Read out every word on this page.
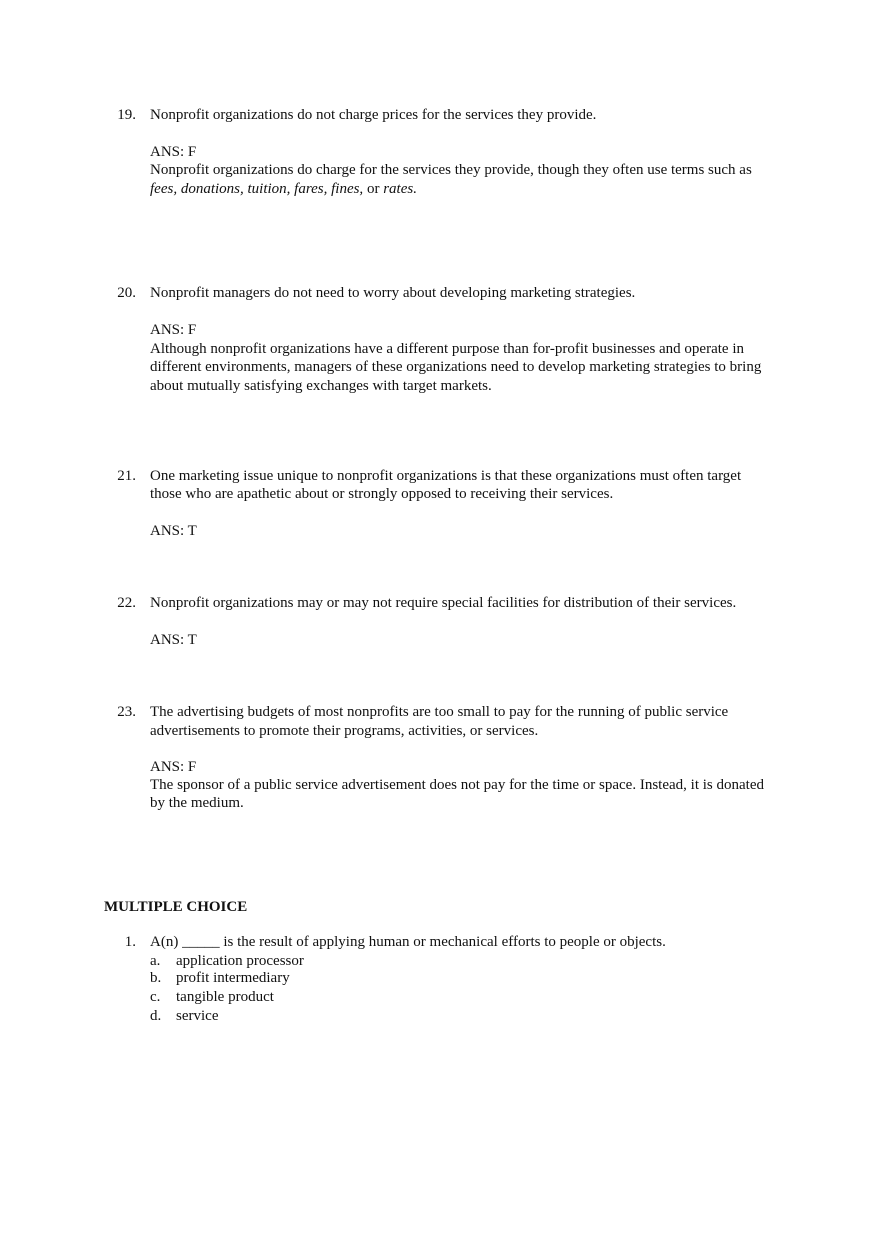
19. Nonprofit organizations do not charge prices for the services they provide.

ANS: F

Nonprofit organizations do charge for the services they provide, though they often use terms such as

fees, donations, tuition, fares, fines, or rates.

20. Nonprofit managers do not need to worry about developing marketing strategies.

ANS: F

Although nonprofit organizations have a different purpose than for-profit businesses and operate in

different environments, managers of these organizations need to develop marketing strategies to bring

about mutually satisfying exchanges with target markets.

21. One marketing issue unique to nonprofit organizations is that these organizations must often target

those who are apathetic about or strongly opposed to receiving their services.

ANS: T

22. Nonprofit organizations may or may not require special facilities for distribution of their services.

ANS: T

23. The advertising budgets of most nonprofits are too small to pay for the running of public service

advertisements to promote their programs, activities, or services.

ANS: F

The sponsor of a public service advertisement does not pay for the time or space. Instead, it is donated

by the medium.

MULTIPLE CHOICE

1. A(n) _____ is the result of applying human or mechanical efforts to people or objects.

a. application processor

b. profit intermediary

c. tangible product

d. service
